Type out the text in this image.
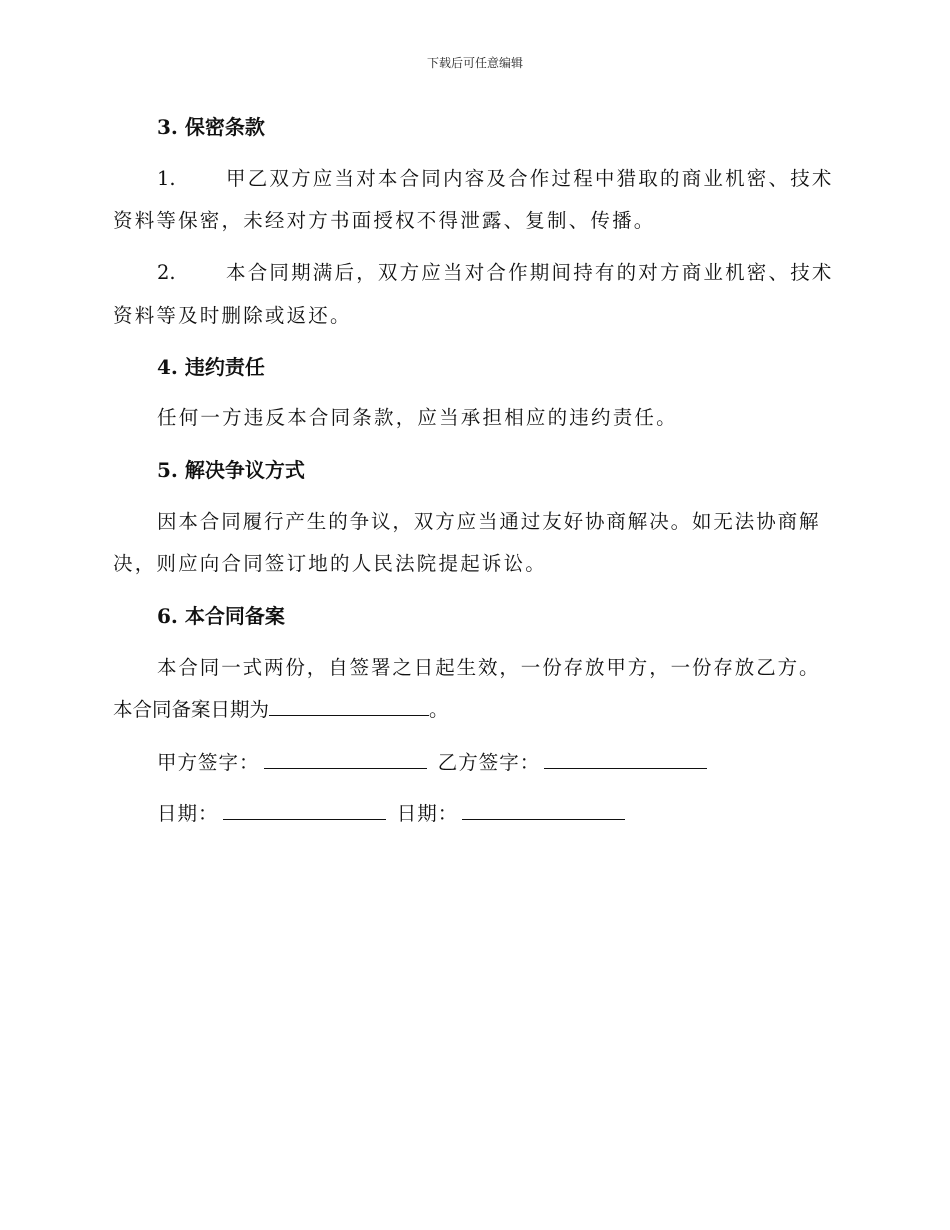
下载后可任意编辑
3. 保密条款
1.	甲乙双方应当对本合同内容及合作过程中猎取的商业机密、技术
资料等保密，未经对方书面授权不得泄露、复制、传播。
2.	本合同期满后，双方应当对合作期间持有的对方商业机密、技术
资料等及时删除或返还。
4. 违约责任
任何一方违反本合同条款，应当承担相应的违约责任。
5. 解决争议方式
因本合同履行产生的争议，双方应当通过友好协商解决。如无法协商解
决，则应向合同签订地的人民法院提起诉讼。
6. 本合同备案
本合同一式两份，自签署之日起生效，一份存放甲方，一份存放乙方。
本合同备案日期为	。
甲方签字：	乙方签字：
日期：	日期：
